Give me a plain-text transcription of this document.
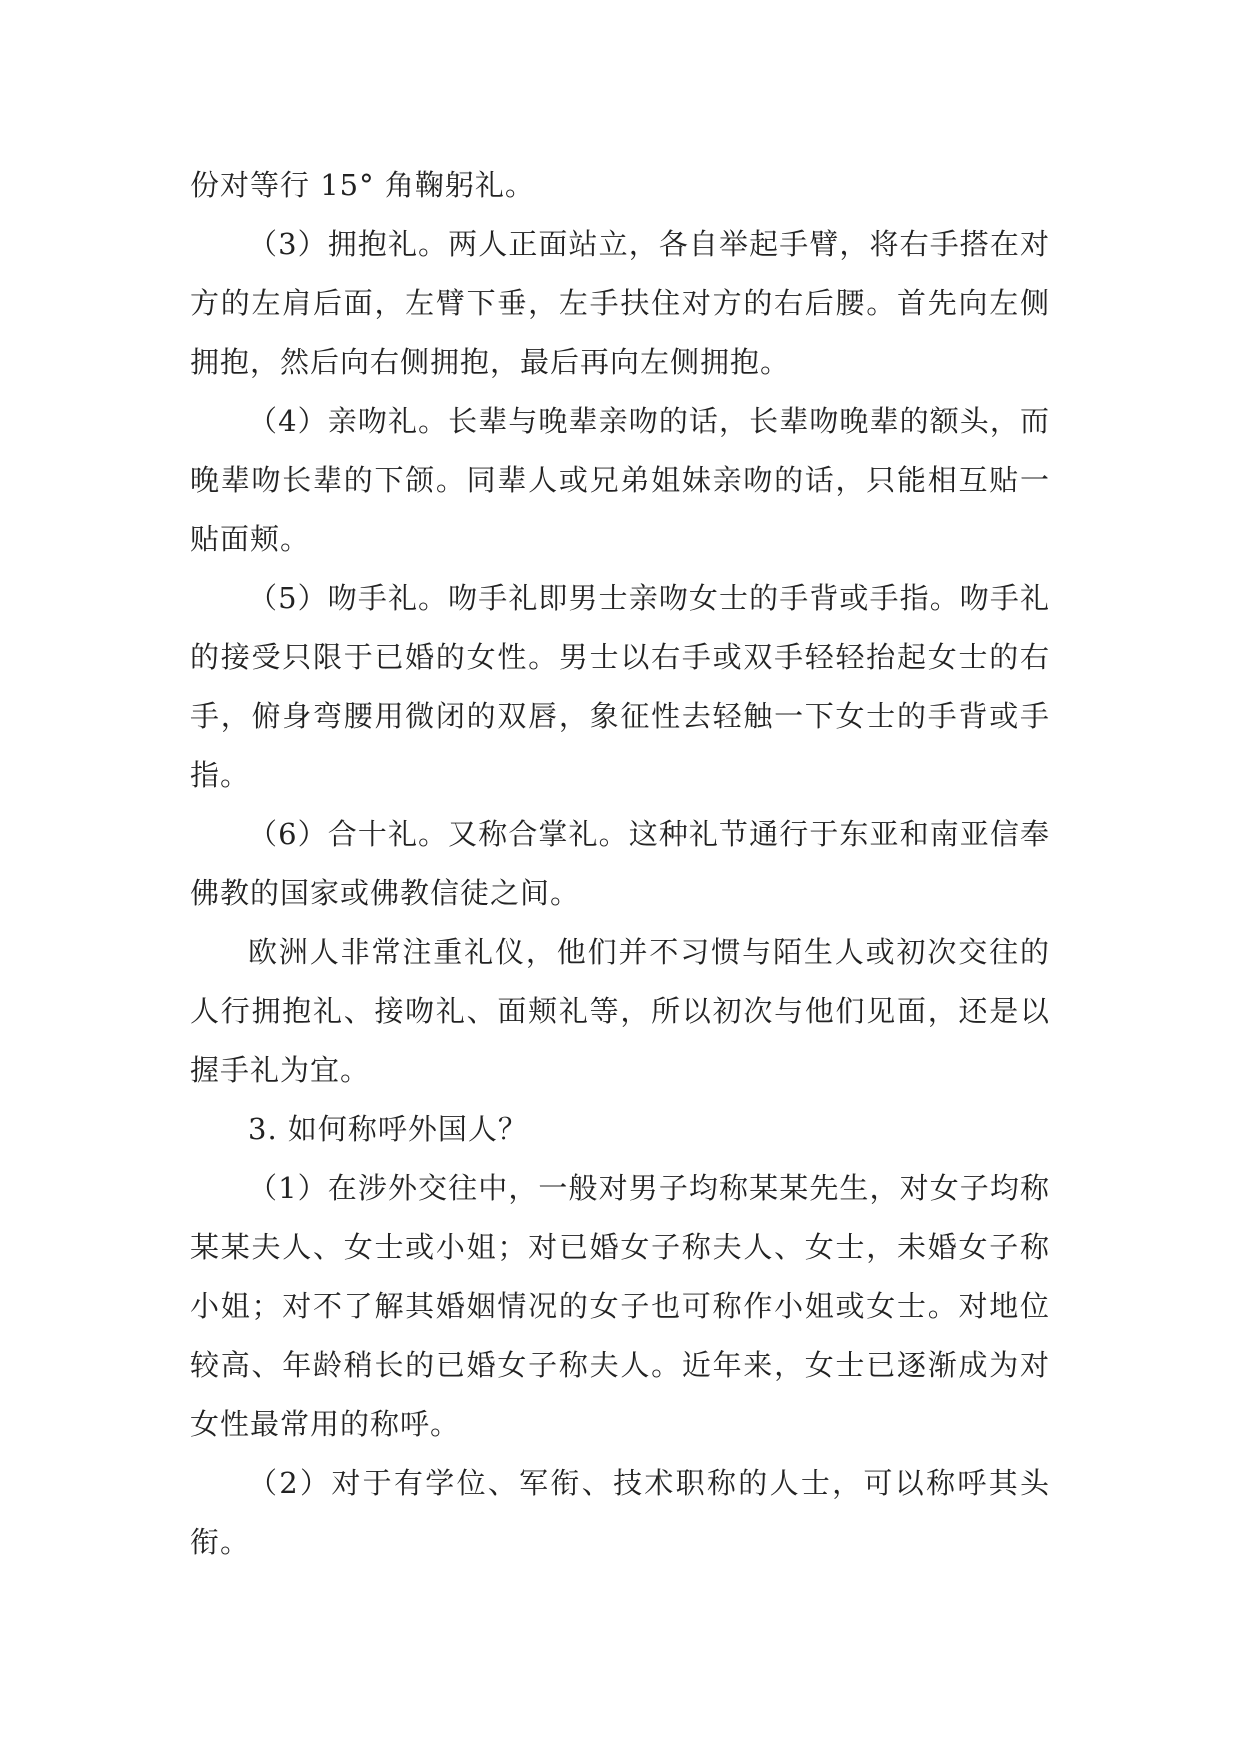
份对等行 15° 角鞠躬礼。

（3）拥抱礼。两人正面站立，各自举起手臂，将右手搭在对方的左肩后面，左臂下垂，左手扶住对方的右后腰。首先向左侧拥抱，然后向右侧拥抱，最后再向左侧拥抱。

（4）亲吻礼。长辈与晚辈亲吻的话，长辈吻晚辈的额头，而晚辈吻长辈的下颌。同辈人或兄弟姐妹亲吻的话，只能相互贴一贴面颊。

（5）吻手礼。吻手礼即男士亲吻女士的手背或手指。吻手礼的接受只限于已婚的女性。男士以右手或双手轻轻抬起女士的右手，俯身弯腰用微闭的双唇，象征性去轻触一下女士的手背或手指。

（6）合十礼。又称合掌礼。这种礼节通行于东亚和南亚信奉佛教的国家或佛教信徒之间。

欧洲人非常注重礼仪，他们并不习惯与陌生人或初次交往的人行拥抱礼、接吻礼、面颊礼等，所以初次与他们见面，还是以握手礼为宜。

3. 如何称呼外国人？

（1）在涉外交往中，一般对男子均称某某先生，对女子均称某某夫人、女士或小姐；对已婚女子称夫人、女士，未婚女子称小姐；对不了解其婚姻情况的女子也可称作小姐或女士。对地位较高、年龄稍长的已婚女子称夫人。近年来，女士已逐渐成为对女性最常用的称呼。

（2）对于有学位、军衔、技术职称的人士，可以称呼其头衔。
